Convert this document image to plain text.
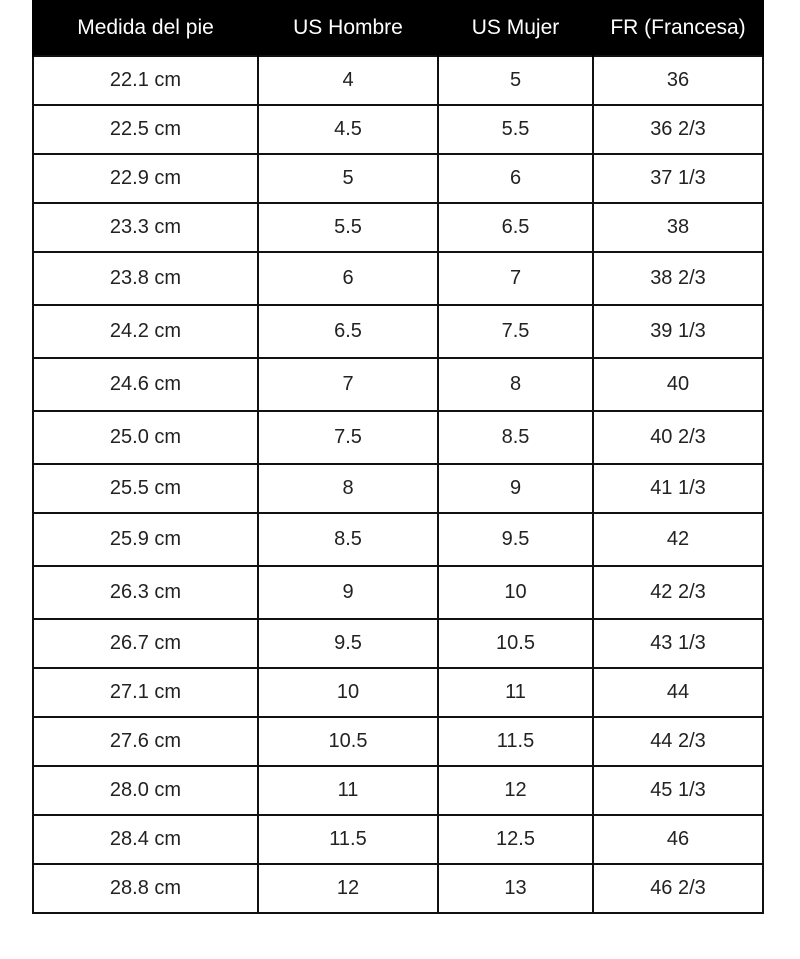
Medida del pie	US Hombre	US Mujer	FR (Francesa)
22.1 cm	4	5	36
22.5 cm	4.5	5.5	36 2/3
22.9 cm	5	6	37 1/3
23.3 cm	5.5	6.5	38
23.8 cm	6	7	38 2/3
24.2 cm	6.5	7.5	39 1/3
24.6 cm	7	8	40
25.0 cm	7.5	8.5	40 2/3
25.5 cm	8	9	41 1/3
25.9 cm	8.5	9.5	42
26.3 cm	9	10	42 2/3
26.7 cm	9.5	10.5	43 1/3
27.1 cm	10	11	44
27.6 cm	10.5	11.5	44 2/3
28.0 cm	11	12	45 1/3
28.4 cm	11.5	12.5	46
28.8 cm	12	13	46 2/3
